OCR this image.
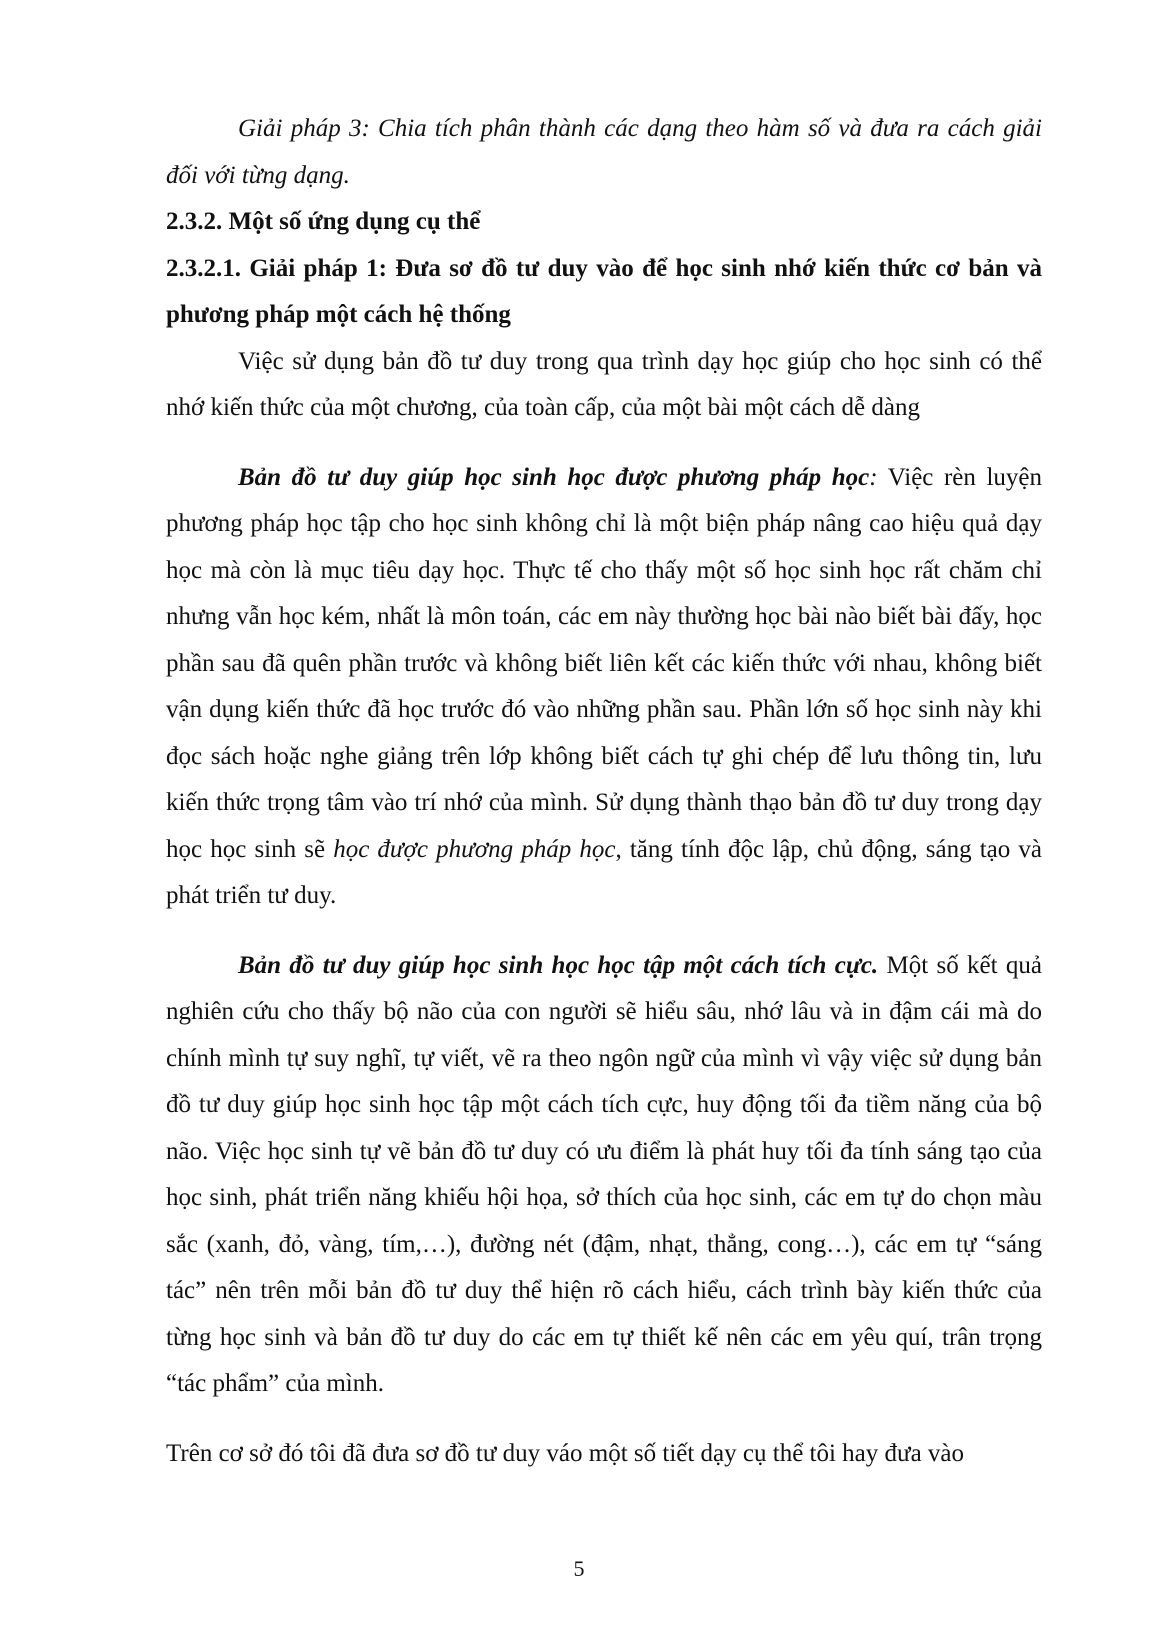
Giải pháp 3: Chia tích phân thành các dạng theo hàm số và đưa ra cách giải đối với từng dạng.

2.3.2. Một số ứng dụng cụ thể

2.3.2.1. Giải pháp 1: Đưa sơ đồ tư duy vào để học sinh nhớ kiến thức cơ bản và phương pháp một cách hệ thống

Việc sử dụng bản đồ tư duy trong qua trình dạy học giúp cho học sinh có thể nhớ kiến thức của một chương, của toàn cấp, của một bài một cách dễ dàng

Bản đồ tư duy giúp học sinh học được phương pháp học: Việc rèn luyện phương pháp học tập cho học sinh không chỉ là một biện pháp nâng cao hiệu quả dạy học mà còn là mục tiêu dạy học. Thực tế cho thấy một số học sinh học rất chăm chỉ nhưng vẫn học kém, nhất là môn toán, các em này thường học bài nào biết bài đấy, học phần sau đã quên phần trước và không biết liên kết các kiến thức với nhau, không biết vận dụng kiến thức đã học trước đó vào những phần sau. Phần lớn số học sinh này khi đọc sách hoặc nghe giảng trên lớp không biết cách tự ghi chép để lưu thông tin, lưu kiến thức trọng tâm vào trí nhớ của mình. Sử dụng thành thạo bản đồ tư duy trong dạy học học sinh sẽ học được phương pháp học, tăng tính độc lập, chủ động, sáng tạo và phát triển tư duy.

Bản đồ tư duy giúp học sinh học học tập một cách tích cực. Một số kết quả nghiên cứu cho thấy bộ não của con người sẽ hiểu sâu, nhớ lâu và in đậm cái mà do chính mình tự suy nghĩ, tự viết, vẽ ra theo ngôn ngữ của mình vì vậy việc sử dụng bản đồ tư duy giúp học sinh học tập một cách tích cực, huy động tối đa tiềm năng của bộ não. Việc học sinh tự vẽ bản đồ tư duy có ưu điểm là phát huy tối đa tính sáng tạo của học sinh, phát triển năng khiếu hội họa, sở thích của học sinh, các em tự do chọn màu sắc (xanh, đỏ, vàng, tím,…), đường nét (đậm, nhạt, thẳng, cong…), các em tự “sáng tác” nên trên mỗi bản đồ tư duy thể hiện rõ cách hiểu, cách trình bày kiến thức của từng học sinh và bản đồ tư duy do các em tự thiết kế nên các em yêu quí, trân trọng “tác phẩm” của mình.

Trên cơ sở đó tôi đã đưa sơ đồ tư duy váo một số tiết dạy cụ thể tôi hay đưa vào

5
